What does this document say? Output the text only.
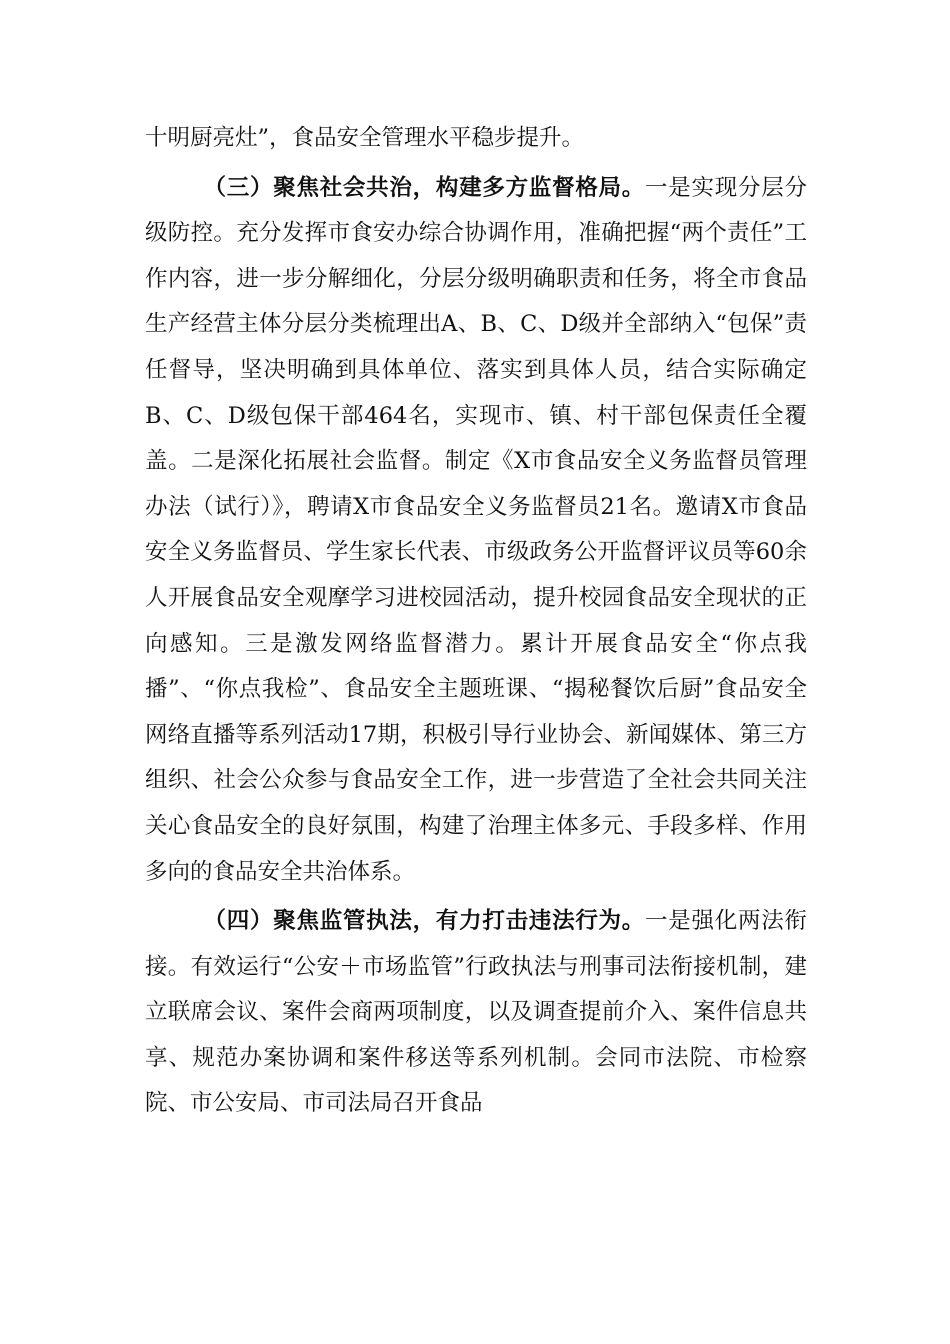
十明厨亮灶”，食品安全管理水平稳步提升。

（三）聚焦社会共治，构建多方监督格局。一是实现分层分级防控。充分发挥市食安办综合协调作用，准确把握“两个责任”工作内容，进一步分解细化，分层分级明确职责和任务，将全市食品生产经营主体分层分类梳理出A、B、C、D级并全部纳入“包保”责任督导，坚决明确到具体单位、落实到具体人员，结合实际确定B、C、D级包保干部464名，实现市、镇、村干部包保责任全覆盖。二是深化拓展社会监督。制定《X市食品安全义务监督员管理办法（试行）》，聘请X市食品安全义务监督员21名。邀请X市食品安全义务监督员、学生家长代表、市级政务公开监督评议员等60余人开展食品安全观摩学习进校园活动，提升校园食品安全现状的正向感知。三是激发网络监督潜力。累计开展食品安全“你点我播”、“你点我检”、食品安全主题班课、“揭秘餐饮后厨”食品安全网络直播等系列活动17期，积极引导行业协会、新闻媒体、第三方组织、社会公众参与食品安全工作，进一步营造了全社会共同关注关心食品安全的良好氛围，构建了治理主体多元、手段多样、作用多向的食品安全共治体系。

（四）聚焦监管执法，有力打击违法行为。一是强化两法衔接。有效运行“公安＋市场监管”行政执法与刑事司法衔接机制，建立联席会议、案件会商两项制度，以及调查提前介入、案件信息共享、规范办案协调和案件移送等系列机制。会同市法院、市检察院、市公安局、市司法局召开食品
